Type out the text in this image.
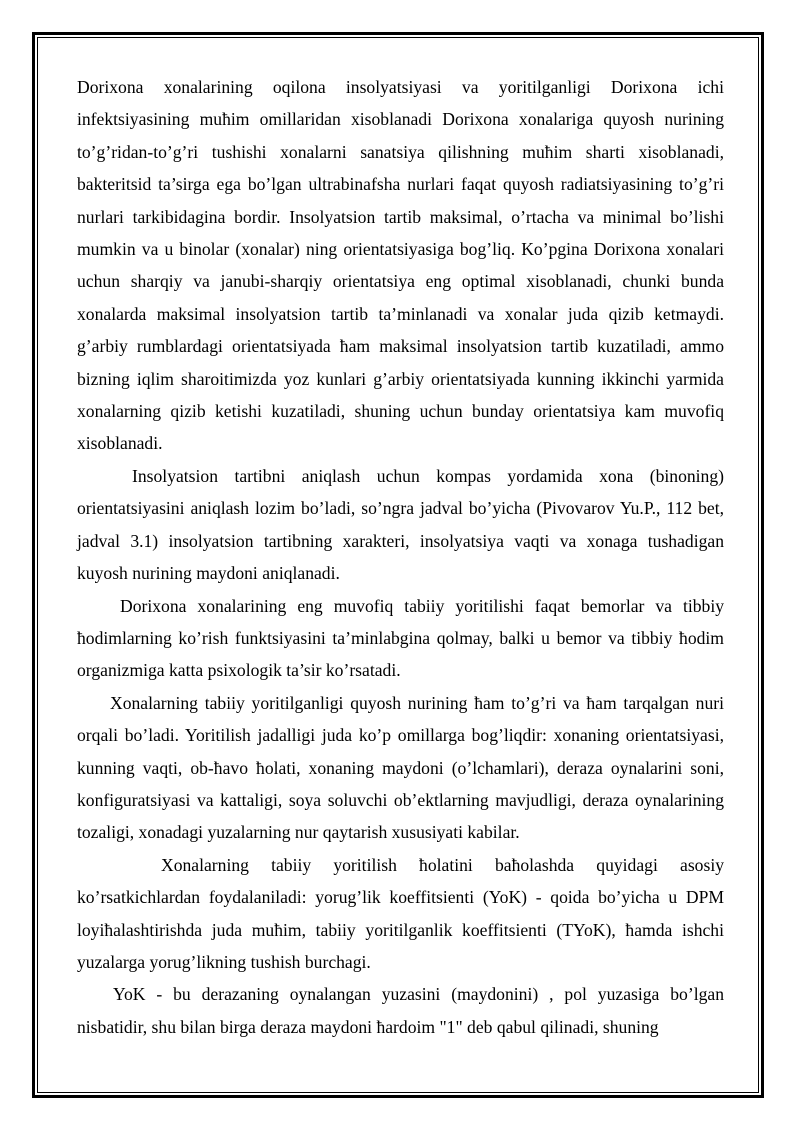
Dorixona xonalarining oqilona insolyatsiyasi va yoritilganligi Dorixona ichi infektsiyasining muħim omillaridan xisoblanadi Dorixona xonalariga quyosh nurining to’g’ridan-to’g’ri tushishi xonalarni sanatsiya qilishning muħim sharti xisoblanadi, bakteritsid ta’sirga ega bo’lgan ultrabinafsha nurlari faqat quyosh radiatsiyasining to’g’ri nurlari tarkibidagina bordir. Insolyatsion tartib maksimal, o’rtacha va minimal bo’lishi mumkin va u binolar (xonalar) ning orientatsiyasiga bog’liq. Ko’pgina Dorixona xonalari uchun sharqiy va janubi-sharqiy orientatsiya eng optimal xisoblanadi, chunki bunda xonalarda maksimal insolyatsion tartib ta’minlanadi va xonalar juda qizib ketmaydi. g’arbiy rumblardagi orientatsiyada ħam maksimal insolyatsion tartib kuzatiladi, ammo bizning iqlim sharoitimizda yoz kunlari g’arbiy orientatsiyada kunning ikkinchi yarmida xonalarning qizib ketishi kuzatiladi, shuning uchun bunday orientatsiya kam muvofiq xisoblanadi.

Insolyatsion tartibni aniqlash uchun kompas yordamida xona (binoning) orientatsiyasini aniqlash lozim bo’ladi, so’ngra jadval bo’yicha (Pivovarov Yu.P., 112 bet, jadval 3.1) insolyatsion tartibning xarakteri, insolyatsiya vaqti va xonaga tushadigan kuyosh nurining maydoni aniqlanadi.

Dorixona xonalarining eng muvofiq tabiiy yoritilishi faqat bemorlar va tibbiy ħodimlarning ko’rish funktsiyasini ta’minlabgina qolmay, balki u bemor va tibbiy ħodim organizmiga katta psixologik ta’sir ko’rsatadi.

Xonalarning tabiiy yoritilganligi quyosh nurining ħam to’g’ri va ħam tarqalgan nuri orqali bo’ladi. Yoritilish jadalligi juda ko’p omillarga bog’liqdir: xonaning orientatsiyasi, kunning vaqti, ob-ħavo ħolati, xonaning maydoni (o’lchamlari), deraza oynalarini soni, konfiguratsiyasi va kattaligi, soya soluvchi ob’ektlarning mavjudligi, deraza oynalarining tozaligi, xonadagi yuzalarning nur qaytarish xususiyati kabilar.

Xonalarning tabiiy yoritilish ħolatini baħolashda quyidagi asosiy ko’rsatkichlardan foydalaniladi: yorug’lik koeffitsienti (YoK) - qoida bo’yicha u DPM loyiħalashtirishda juda muħim, tabiiy yoritilganlik koeffitsienti (TYoK), ħamda ishchi yuzalarga yorug’likning tushish burchagi.

YoK - bu derazaning oynalangan yuzasini (maydonini) , pol yuzasiga bo’lgan nisbatidir, shu bilan birga deraza maydoni ħardoim "1" deb qabul qilinadi, shuning
